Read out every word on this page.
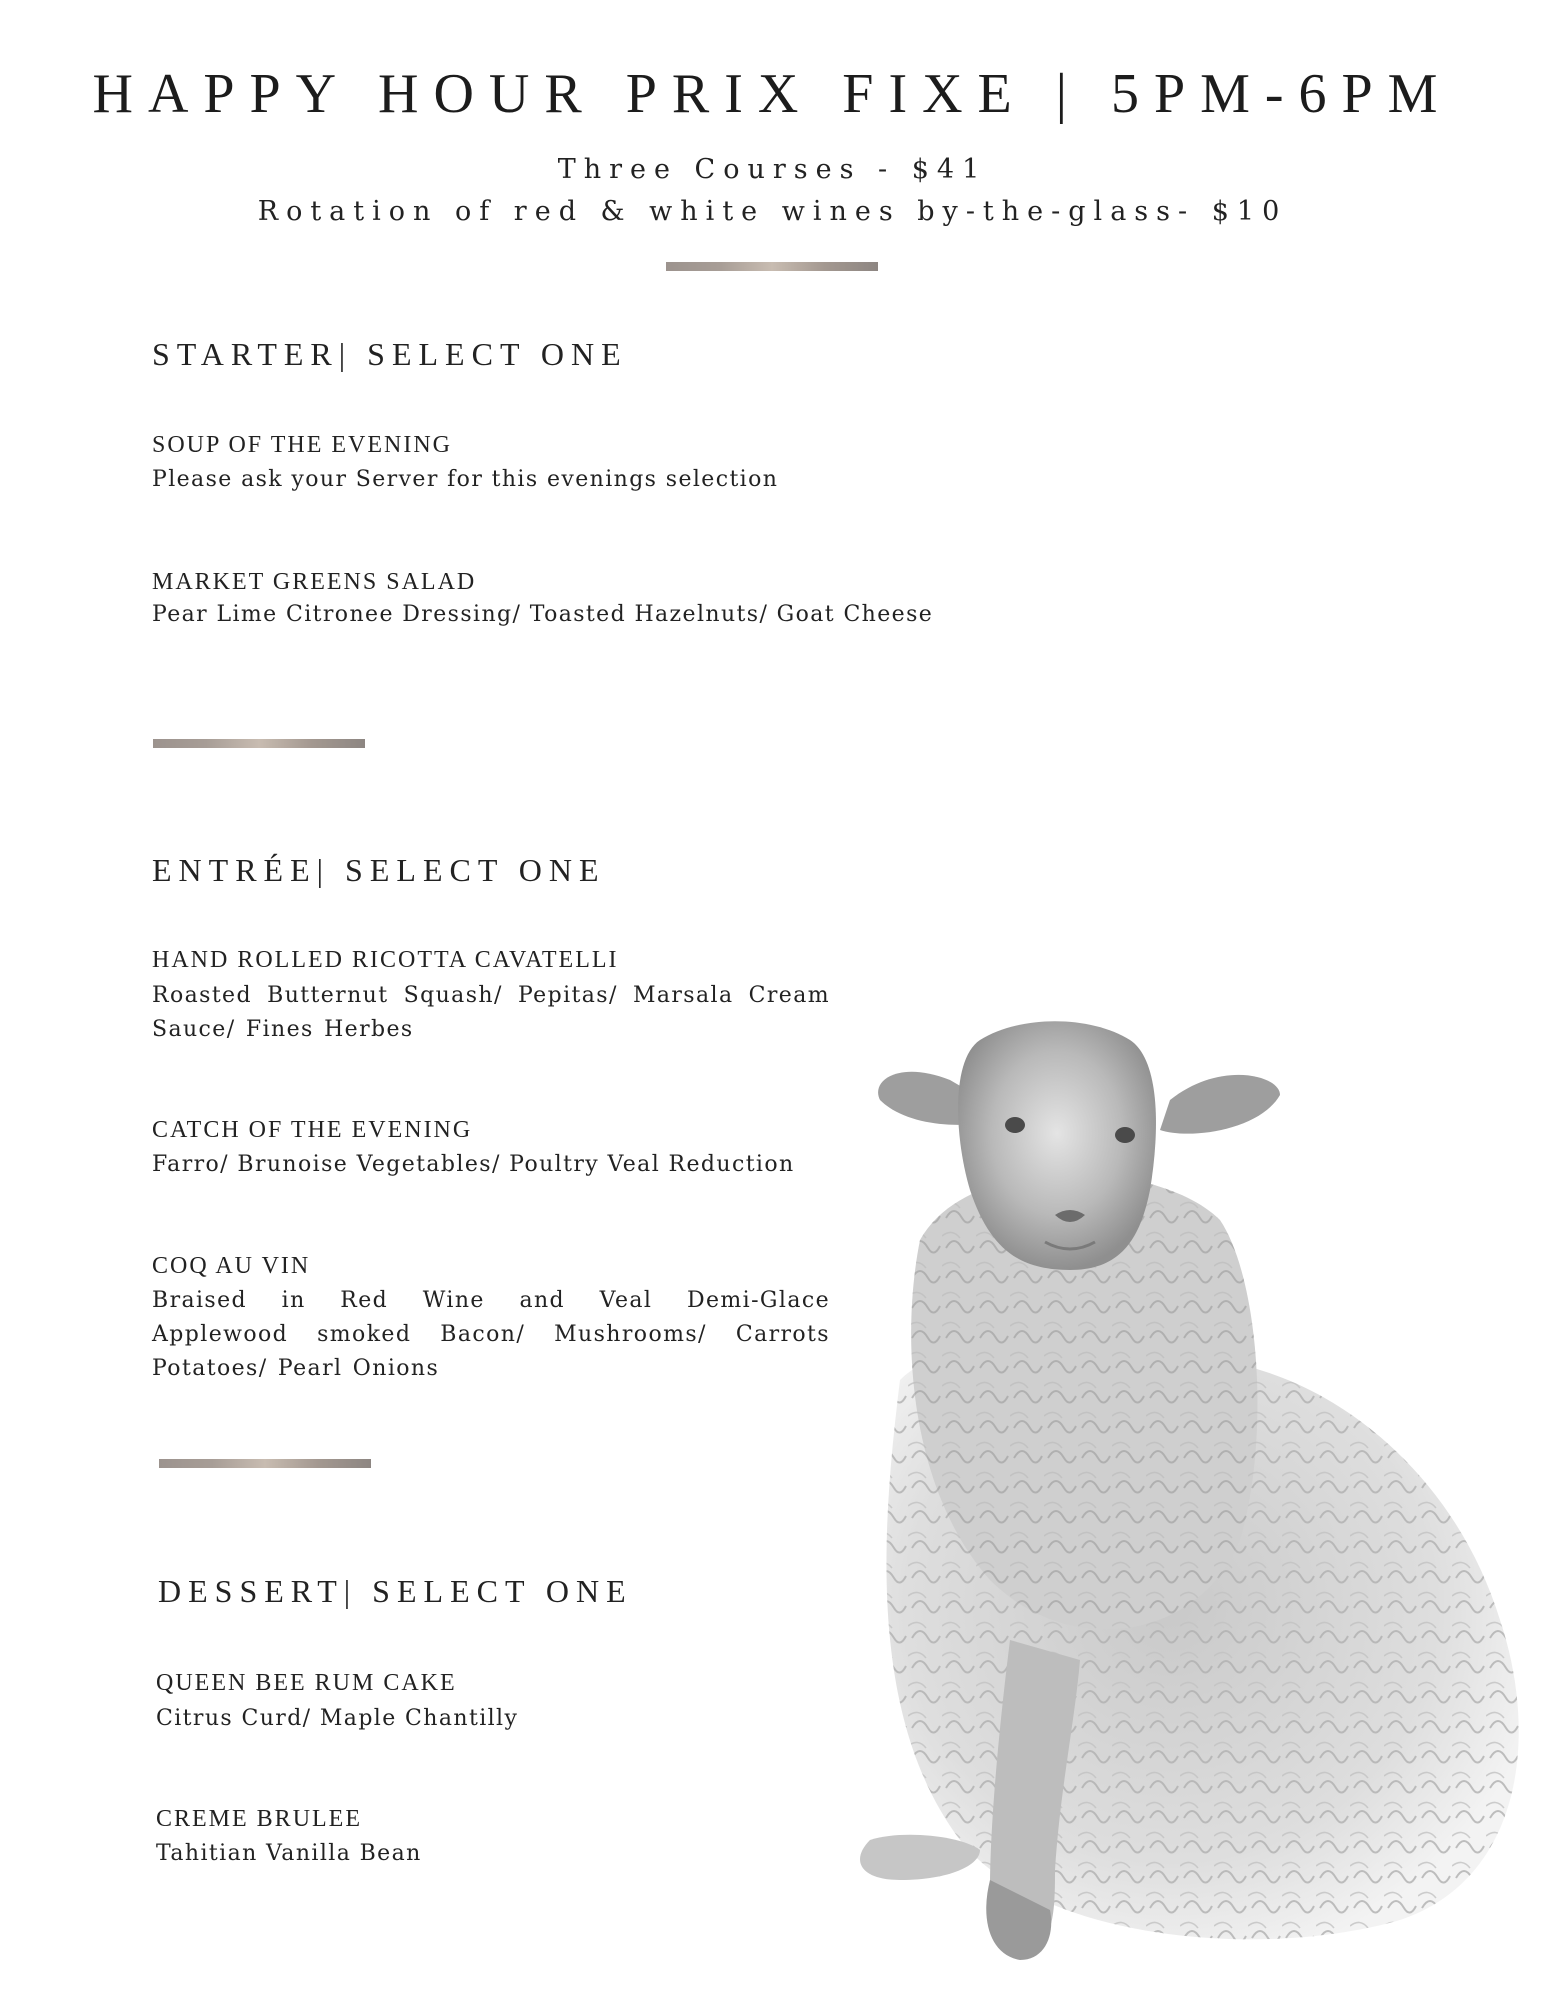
HAPPY HOUR PRIX FIXE | 5PM-6PM
Three Courses - $41
Rotation of red & white wines by-the-glass- $10
STARTER| SELECT ONE
SOUP OF THE EVENING
Please ask your Server for this evenings selection
MARKET GREENS SALAD
Pear Lime Citronee Dressing/ Toasted Hazelnuts/ Goat Cheese
ENTRÉE| SELECT ONE
HAND ROLLED RICOTTA CAVATELLI
Roasted Butternut Squash/ Pepitas/ Marsala Cream Sauce/ Fines Herbes
CATCH OF THE EVENING
Farro/ Brunoise Vegetables/ Poultry Veal Reduction
COQ AU VIN
Braised in Red Wine and Veal Demi-Glace Applewood smoked Bacon/ Mushrooms/ Carrots Potatoes/ Pearl Onions
DESSERT| SELECT ONE
QUEEN BEE RUM CAKE
Citrus Curd/ Maple Chantilly
CREME BRULEE
Tahitian Vanilla Bean
